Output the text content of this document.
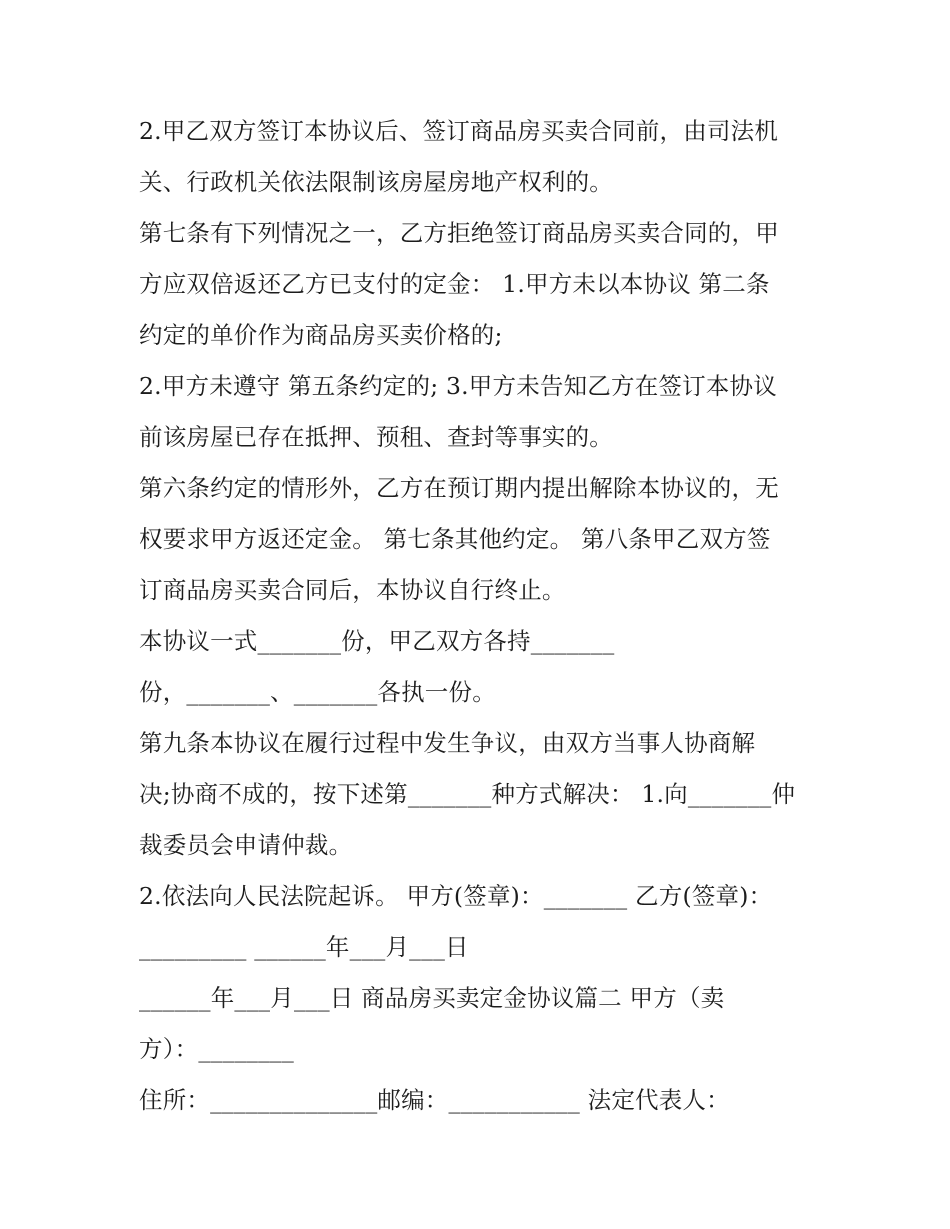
2.甲乙双方签订本协议后、签订商品房买卖合同前，由司法机
关、行政机关依法限制该房屋房地产权利的。
第七条有下列情况之一，乙方拒绝签订商品房买卖合同的，甲
方应双倍返还乙方已支付的定金： 1.甲方未以本协议 第二条
约定的单价作为商品房买卖价格的;
2.甲方未遵守 第五条约定的; 3.甲方未告知乙方在签订本协议
前该房屋已存在抵押、预租、查封等事实的。
第六条约定的情形外，乙方在预订期内提出解除本协议的，无
权要求甲方返还定金。 第七条其他约定。 第八条甲乙双方签
订商品房买卖合同后，本协议自行终止。
本协议一式_______份，甲乙双方各持_______
份，_______、_______各执一份。
第九条本协议在履行过程中发生争议，由双方当事人协商解
决;协商不成的，按下述第_______种方式解决： 1.向_______仲
裁委员会申请仲裁。
2.依法向人民法院起诉。 甲方(签章)：_______ 乙方(签章)：
_________ ______年___月___日
______年___月___日 商品房买卖定金协议篇二 甲方（卖
方）：________
住所：______________邮编：___________ 法定代表人：
